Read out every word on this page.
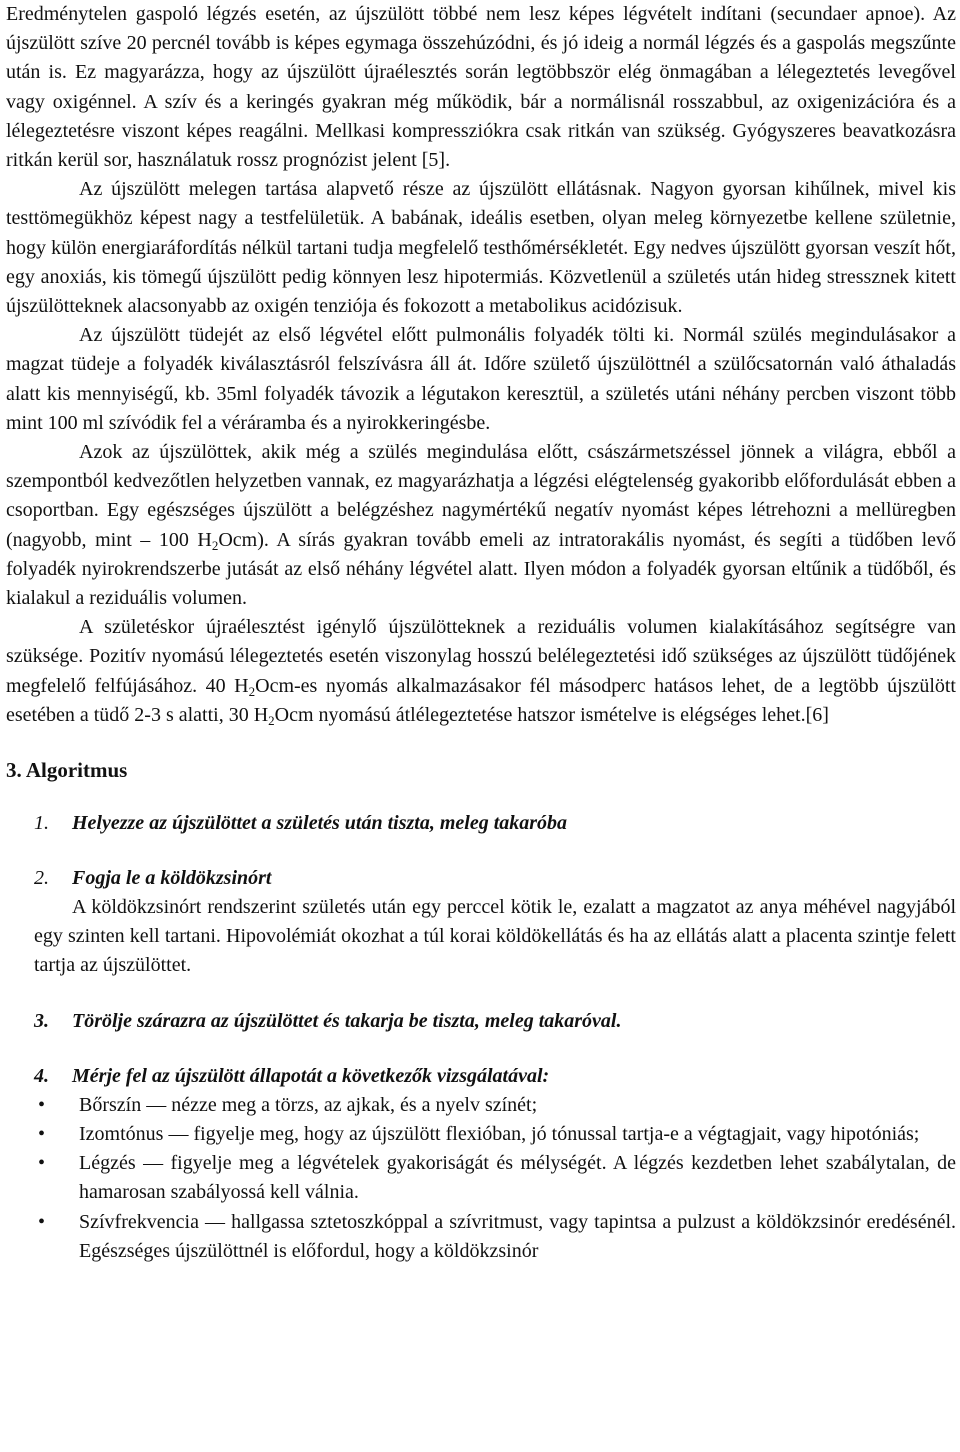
Eredménytelen gaspoló légzés esetén, az újszülött többé nem lesz képes légvételt indítani (secundaer apnoe). Az újszülött szíve 20 percnél tovább is képes egymaga összehúzódni, és jó ideig a normál légzés és a gaspolás megszűnte után is. Ez magyarázza, hogy az újszülött újraélesztés során legtöbbször elég önmagában a lélegeztetés levegővel vagy oxigénnel. A szív és a keringés gyakran még működik, bár a normálisnál rosszabbul, az oxigenizációra és a lélegeztetésre viszont képes reagálni. Mellkasi kompressziókra csak ritkán van szükség. Gyógyszeres beavatkozásra ritkán kerül sor, használatuk rossz prognózist jelent [5].

Az újszülött melegen tartása alapvető része az újszülött ellátásnak. Nagyon gyorsan kihűlnek, mivel kis testtömegükhöz képest nagy a testfelületük. A babának, ideális esetben, olyan meleg környezetbe kellene születnie, hogy külön energiaráfordítás nélkül tartani tudja megfelelő testhőmérsékletét. Egy nedves újszülött gyorsan veszít hőt, egy anoxiás, kis tömegű újszülött pedig könnyen lesz hipotermiás. Közvetlenül a születés után hideg stressznek kitett újszülötteknek alacsonyabb az oxigén tenziója és fokozott a metabolikus acidózisuk.

Az újszülött tüdejét az első légvétel előtt pulmonális folyadék tölti ki. Normál szülés megindulásakor a magzat tüdeje a folyadék kiválasztásról felszívásra áll át. Időre születő újszülöttnél a szülőcsatornán való áthaladás alatt kis mennyiségű, kb. 35ml folyadék távozik a légutakon keresztül, a születés utáni néhány percben viszont több mint 100 ml szívódik fel a véráramba és a nyirokkeringésbe.

Azok az újszülöttek, akik még a szülés megindulása előtt, császármetszéssel jönnek a világra, ebből a szempontból kedvezőtlen helyzetben vannak, ez magyarázhatja a légzési elégtelenség gyakoribb előfordulását ebben a csoportban. Egy egészséges újszülött a belégzéshez nagymértékű negatív nyomást képes létrehozni a mellüregben (nagyobb, mint – 100 $H_2Ocm$). A sírás gyakran tovább emeli az intratorakális nyomást, és segíti a tüdőben levő folyadék nyirokrendszerbe jutását az első néhány légvétel alatt. Ilyen módon a folyadék gyorsan eltűnik a tüdőből, és kialakul a reziduális volumen.

A születéskor újraélesztést igénylő újszülötteknek a reziduális volumen kialakításához segítségre van szüksége. Pozitív nyomású lélegeztetés esetén viszonylag hosszú belélegeztetési idő szükséges az újszülött tüdőjének megfelelő felfújásához. 40 $H_2Ocm-es$ nyomás alkalmazásakor fél másodperc hatásos lehet, de a legtöbb újszülött esetében a tüdő 2-3 s alatti, 30 $H_2Ocm$ nyomású átlélegeztetése hatszor ismételve is elégséges lehet.[6]

3. Algoritmus
1. Helyezze az újszülöttet a születés után tiszta, meleg takaróba
2. Fogja le a köldökzsinórt

A köldökzsinórt rendszerint születés után egy perccel kötik le, ezalatt a magzatot az anya méhével nagyjából egy szinten kell tartani. Hipovolémiát okozhat a túl korai köldökellátás és ha az ellátás alatt a placenta szintje felett tartja az újszülöttet.

3. Törölje szárazra az újszülöttet és takarja be tiszta, meleg takaróval.
4. Mérje fel az újszülött állapotát a következők vizsgálatával:
• Bőrszín — nézze meg a törzs, az ajkak, és a nyelv színét;
• Izomtónus — figyelje meg, hogy az újszülött flexióban, jó tónussal tartja-e a végtagjait, vagy hipotóniás;
• Légzés — figyelje meg a légvételek gyakoriságát és mélységét. A légzés kezdetben lehet szabálytalan, de hamarosan szabályossá kell válnia.
• Szívfrekvencia — hallgassa sztetoszkóppal a szívritmust, vagy tapintsa a pulzust a köldökzsinór eredésénél. Egészséges újszülöttnél is előfordul, hogy a köldökzsinór
